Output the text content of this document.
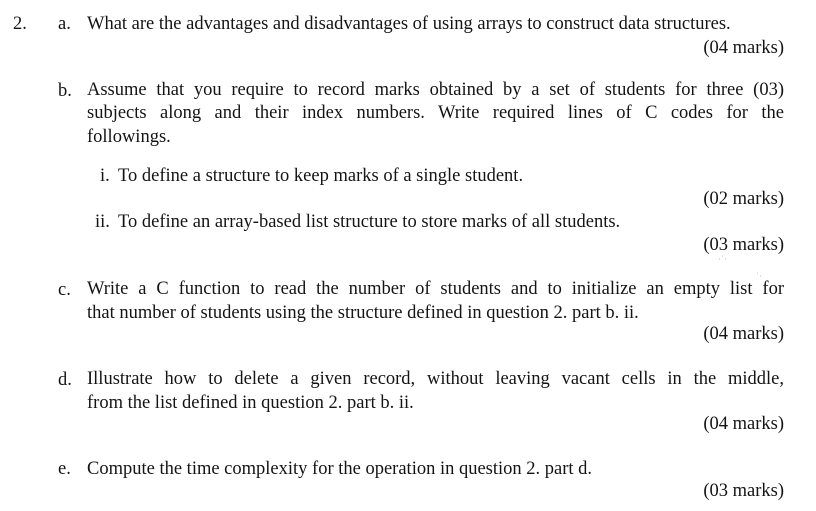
2. a. What are the advantages and disadvantages of using arrays to construct data structures.
(04 marks)
b. Assume that you require to record marks obtained by a set of students for three (03)
subjects along and their index numbers. Write required lines of C codes for the
followings.
i. To define a structure to keep marks of a single student.
(02 marks)
ii. To define an array-based list structure to store marks of all students.
(03 marks)
·˙·
˙·
c. Write a C function to read the number of students and to initialize an empty list for
that number of students using the structure defined in question 2. part b. ii.
(04 marks)
d. Illustrate how to delete a given record, without leaving vacant cells in the middle,
from the list defined in question 2. part b. ii.
(04 marks)
e. Compute the time complexity for the operation in question 2. part d.
(03 marks)
